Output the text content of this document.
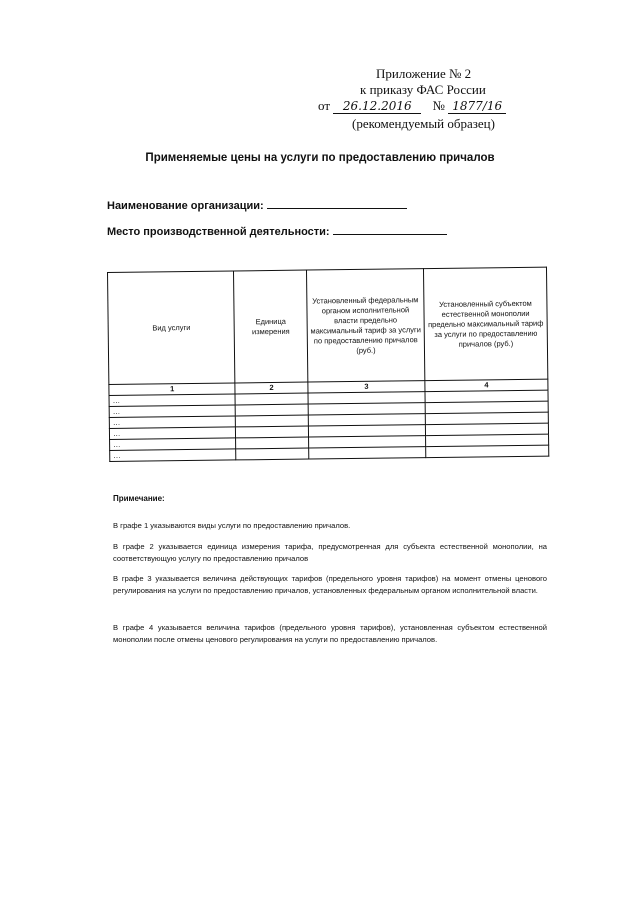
Приложение № 2
к приказу ФАС России
от 26.12.2016 № 1877/16
(рекомендуемый образец)
Применяемые цены на услуги по предоставлению причалов
Наименование организации:
Место производственной деятельности:
Вид услуги	Единица измерения	Установленный федеральным органом исполнительной власти предельно максимальный тариф за услуги по предоставлению причалов (руб.)	Установленный субъектом естественной монополии предельно максимальный тариф за услуги по предоставлению причалов (руб.)
1	2	3	4
…			
…			
…			
…			
…			
…			
Примечание:
В графе 1 указываются виды услуги по предоставлению причалов.
В графе 2 указывается единица измерения тарифа, предусмотренная для субъекта естественной монополии, на соответствующую услугу по предоставлению причалов
В графе 3 указывается величина действующих тарифов (предельного уровня тарифов) на момент отмены ценового регулирования на услуги по предоставлению причалов, установленных федеральным органом исполнительной власти.
В графе 4 указывается величина тарифов (предельного уровня тарифов), установленная субъектом естественной монополии после отмены ценового регулирования на услуги по предоставлению причалов.
